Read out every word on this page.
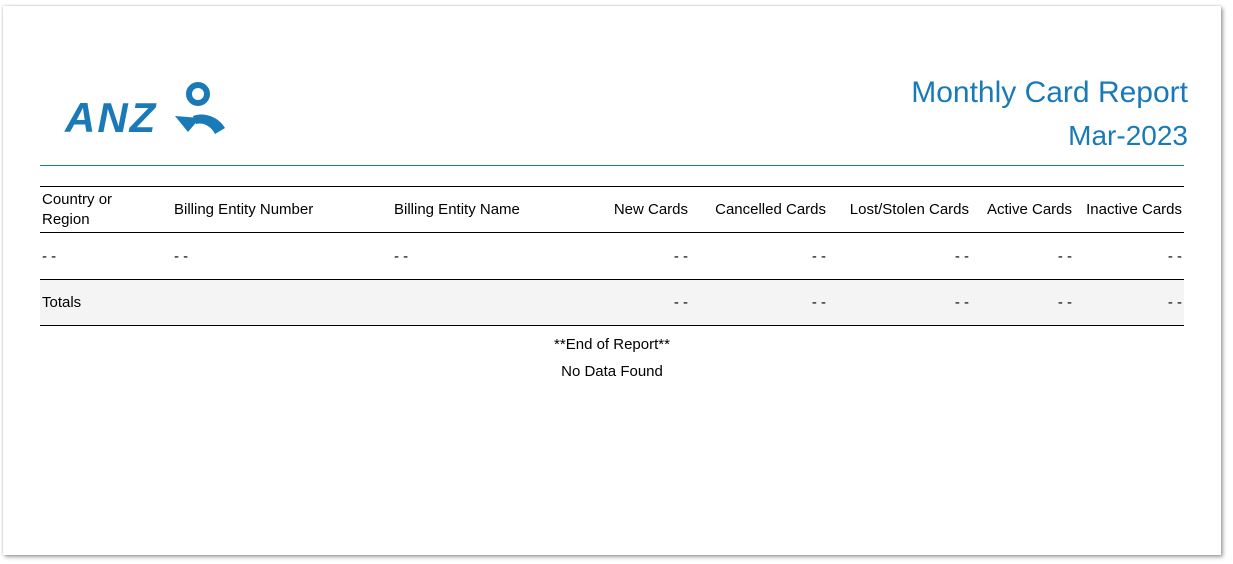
ANZ
Monthly Card Report
Mar-2023
Country or Region	Billing Entity Number	Billing Entity Name	New Cards	Cancelled Cards	Lost/Stolen Cards	Active Cards	Inactive Cards
- -	- -	- -	- -	- -	- -	- -	- -
Totals			- -	- -	- -	- -	- -
**End of Report**
No Data Found
